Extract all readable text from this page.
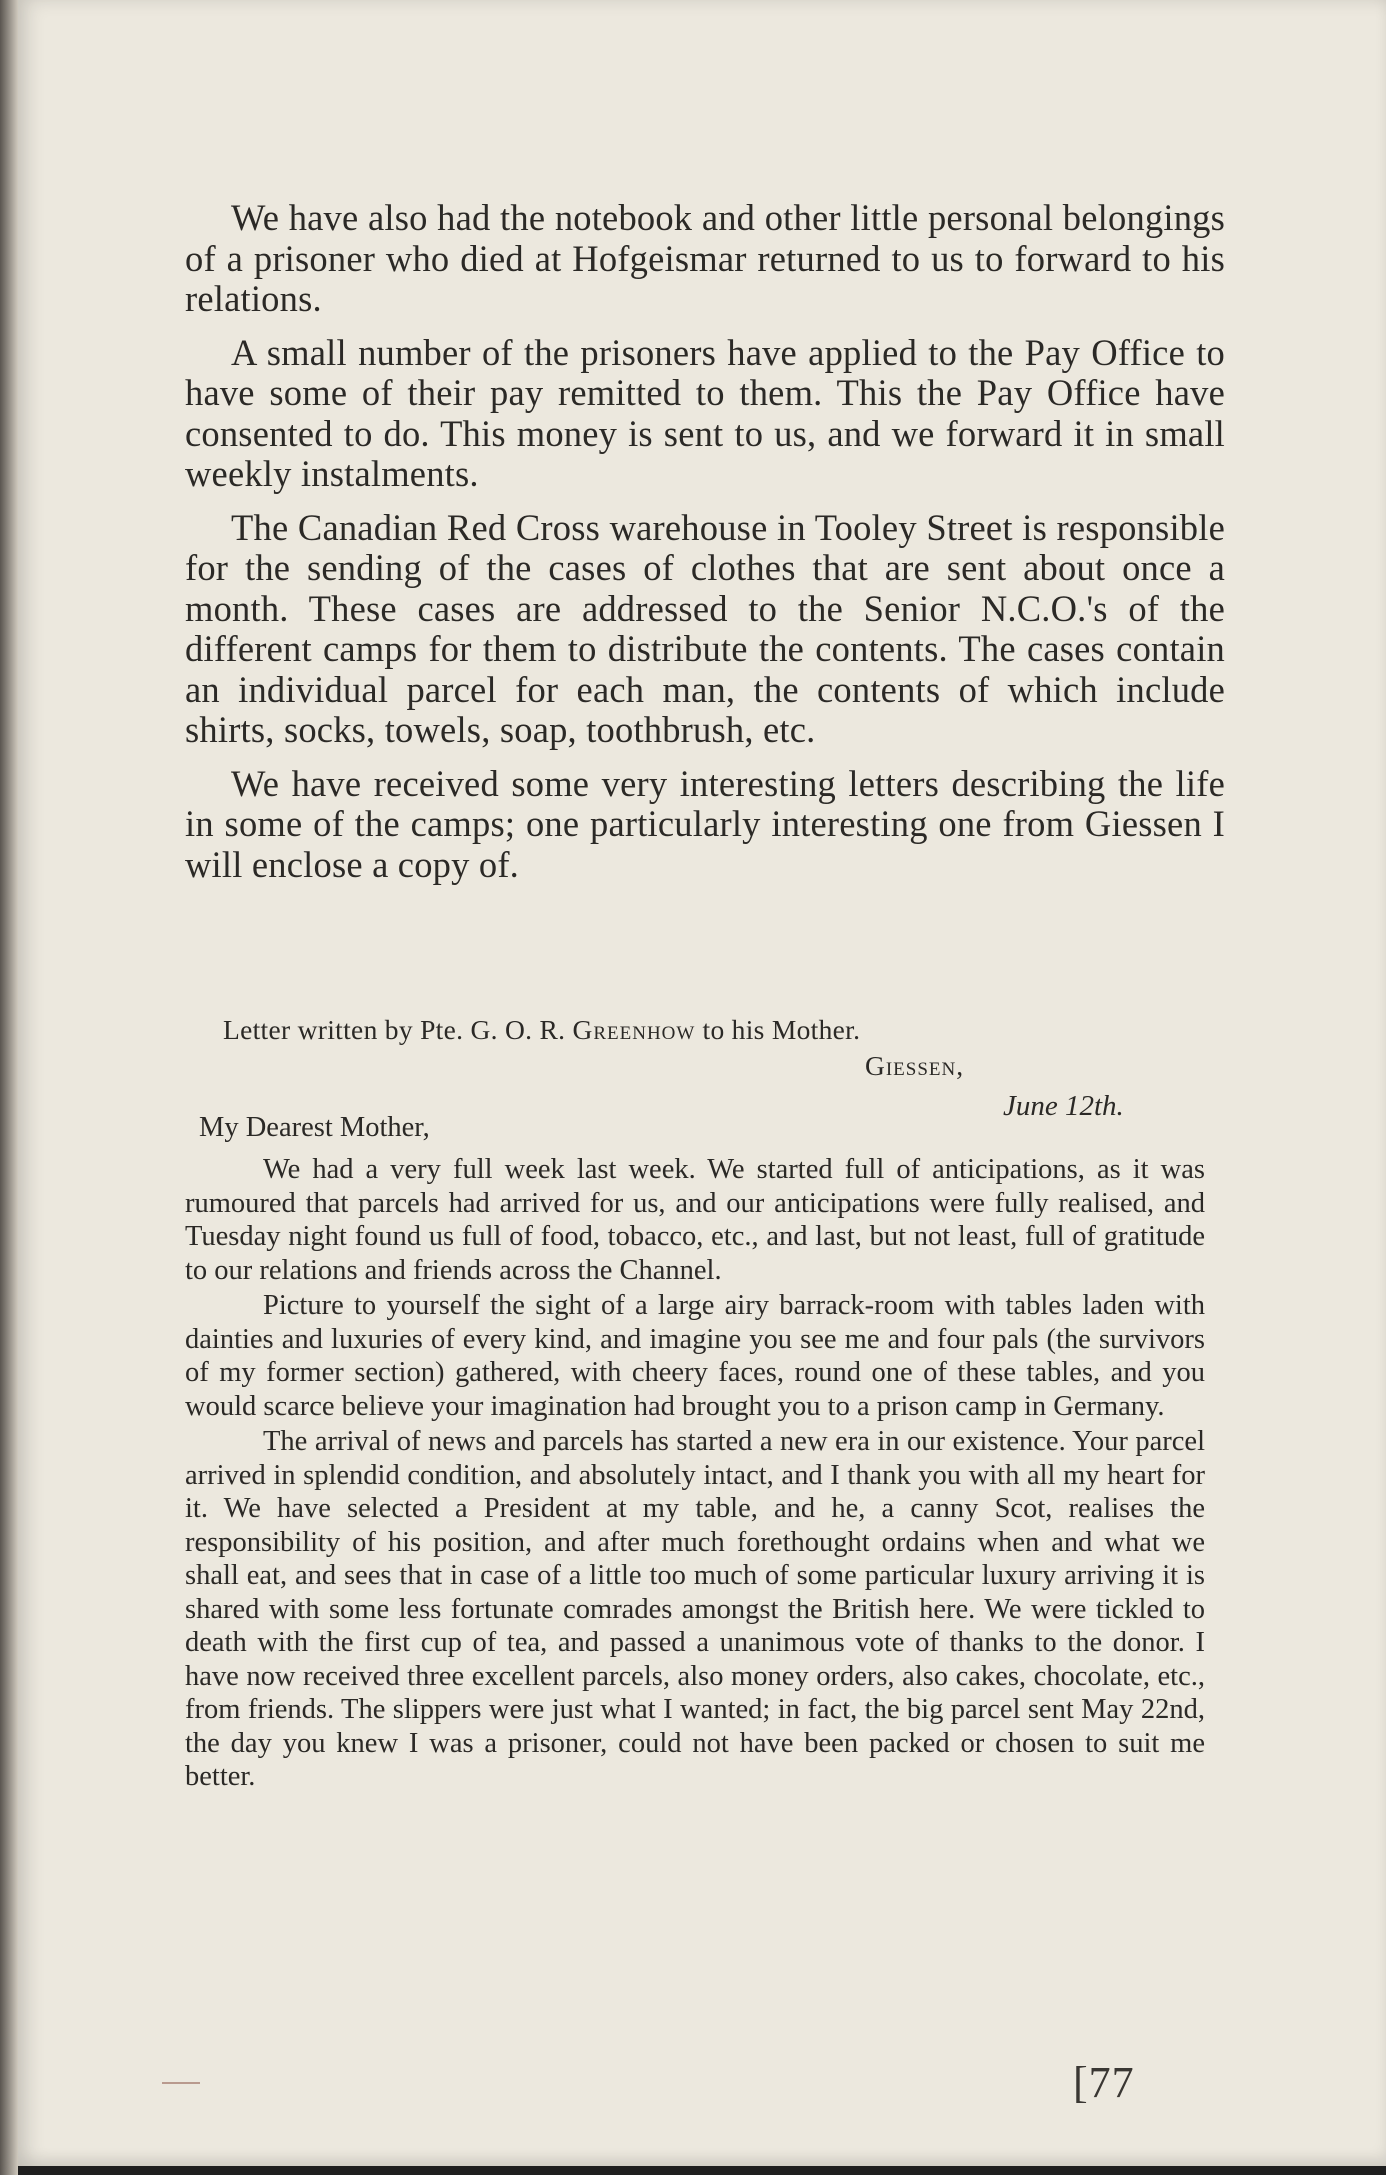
We have also had the notebook and other little personal belongings of a prisoner who died at Hofgeismar returned to us to forward to his relations.

A small number of the prisoners have applied to the Pay Office to have some of their pay remitted to them. This the Pay Office have consented to do. This money is sent to us, and we forward it in small weekly instalments.

The Canadian Red Cross warehouse in Tooley Street is responsible for the sending of the cases of clothes that are sent about once a month. These cases are addressed to the Senior N.C.O.'s of the different camps for them to distribute the contents. The cases contain an individual parcel for each man, the contents of which include shirts, socks, towels, soap, toothbrush, etc.

We have received some very interesting letters describing the life in some of the camps; one particularly interesting one from Giessen I will enclose a copy of.

Letter written by Pte. G. O. R. Greenhow to his Mother.
Giessen,
June 12th.
My Dearest Mother,

We had a very full week last week. We started full of anticipations, as it was rumoured that parcels had arrived for us, and our anticipations were fully realised, and Tuesday night found us full of food, tobacco, etc., and last, but not least, full of gratitude to our relations and friends across the Channel.

Picture to yourself the sight of a large airy barrack-room with tables laden with dainties and luxuries of every kind, and imagine you see me and four pals (the survivors of my former section) gathered, with cheery faces, round one of these tables, and you would scarce believe your imagination had brought you to a prison camp in Germany.

The arrival of news and parcels has started a new era in our existence. Your parcel arrived in splendid condition, and absolutely intact, and I thank you with all my heart for it. We have selected a President at my table, and he, a canny Scot, realises the responsibility of his position, and after much forethought ordains when and what we shall eat, and sees that in case of a little too much of some particular luxury arriving it is shared with some less fortunate comrades amongst the British here. We were tickled to death with the first cup of tea, and passed a unanimous vote of thanks to the donor. I have now received three excellent parcels, also money orders, also cakes, chocolate, etc., from friends. The slippers were just what I wanted; in fact, the big parcel sent May 22nd, the day you knew I was a prisoner, could not have been packed or chosen to suit me better.

[77
